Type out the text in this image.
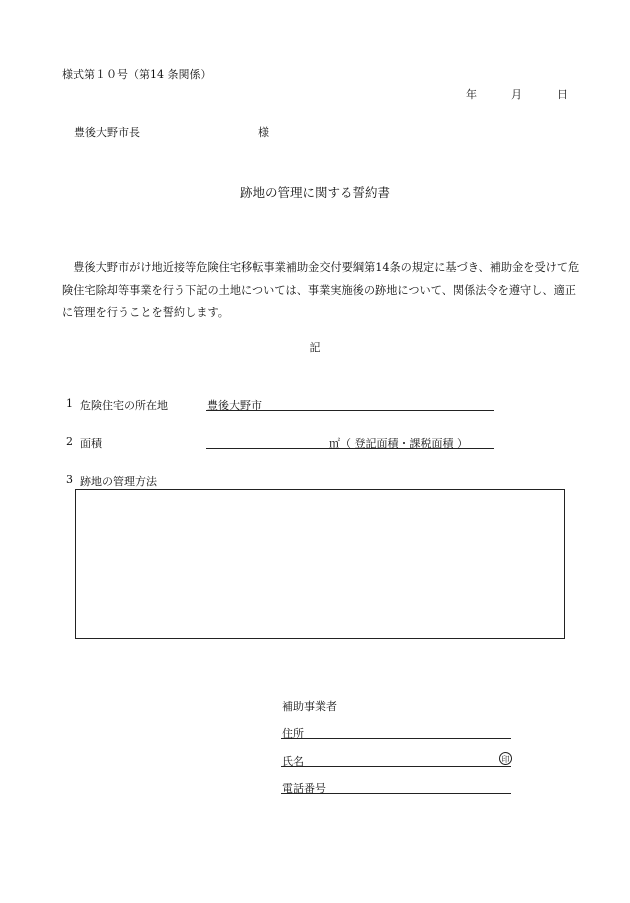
様式第１０号（第14 条関係）
年	月	日
豊後大野市長	様
跡地の管理に関する誓約書
豊後大野市がけ地近接等危険住宅移転事業補助金交付要綱第14条の規定に基づき、補助金を受けて危険住宅除却等事業を行う下記の土地については、事業実施後の跡地について、関係法令を遵守し、適正に管理を行うことを誓約します。
記
1 危険住宅の所在地	豊後大野市
2 面積	㎡（ 登記面積・課税面積 ）
3 跡地の管理方法
補助事業者
住所
氏名	印
電話番号
